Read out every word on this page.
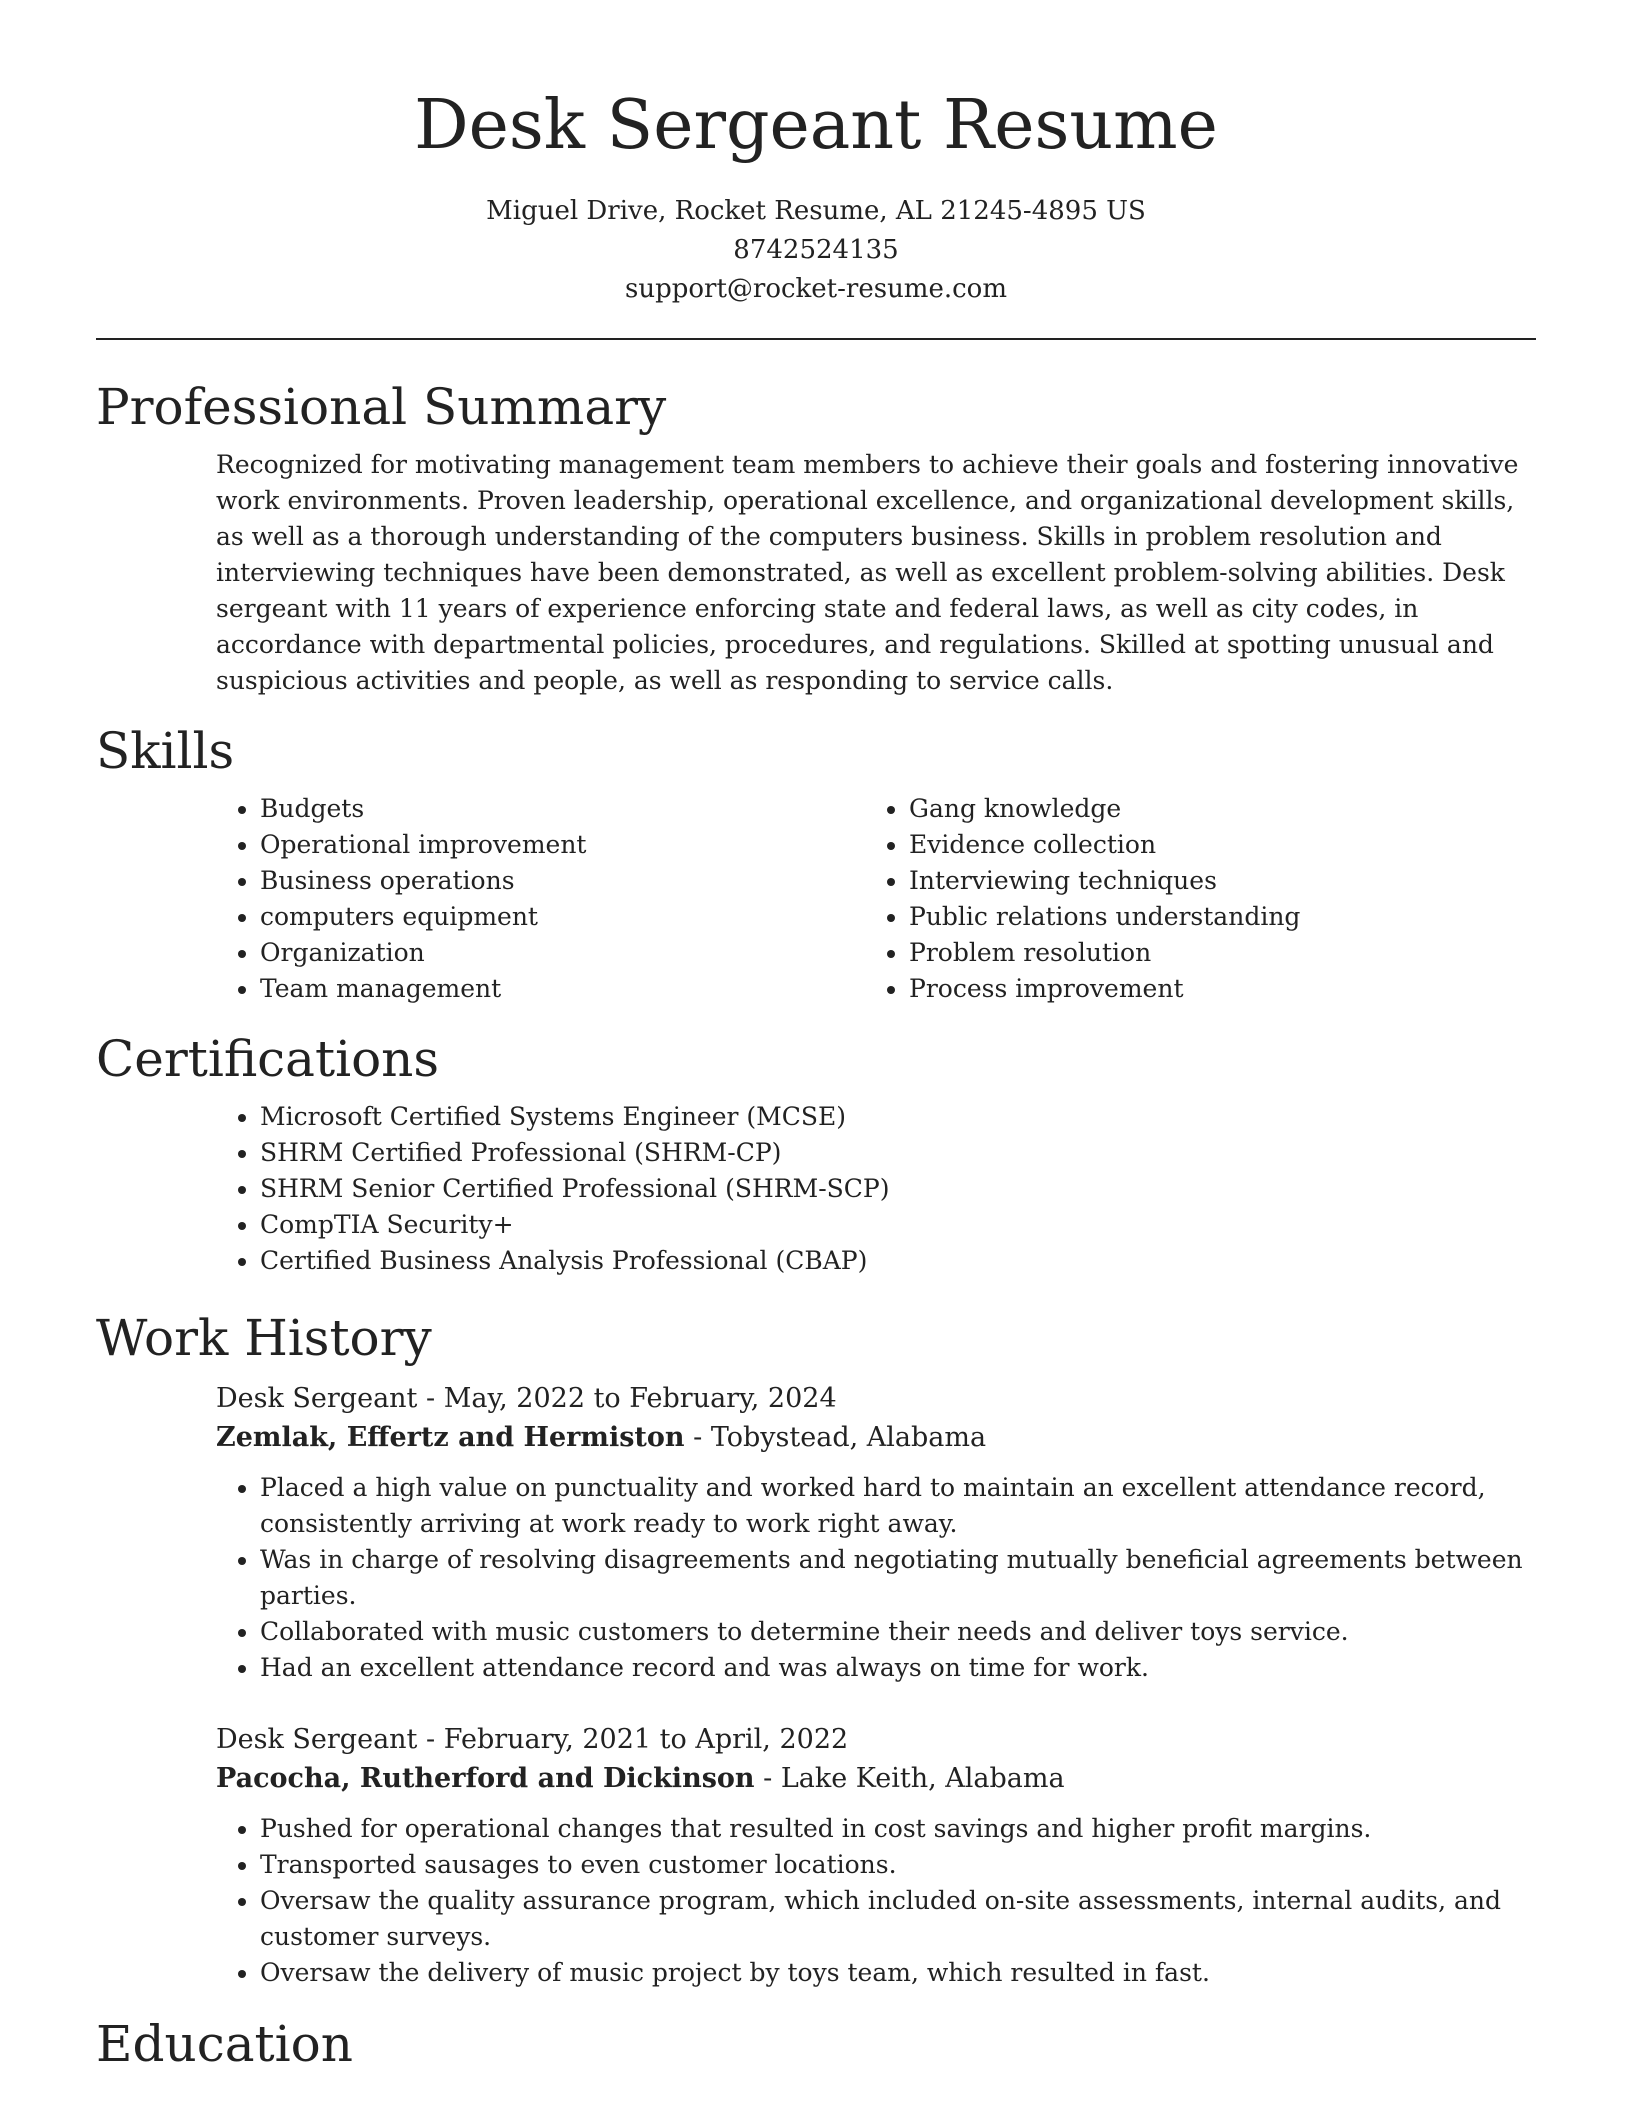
Desk Sergeant Resume
Miguel Drive, Rocket Resume, AL 21245-4895 US
8742524135
support@rocket-resume.com
Professional Summary

Recognized for motivating management team members to achieve their goals and fostering innovative work environments. Proven leadership, operational excellence, and organizational development skills, as well as a thorough understanding of the computers business. Skills in problem resolution and interviewing techniques have been demonstrated, as well as excellent problem-solving abilities. Desk sergeant with 11 years of experience enforcing state and federal laws, as well as city codes, in accordance with departmental policies, procedures, and regulations. Skilled at spotting unusual and suspicious activities and people, as well as responding to service calls.

Skills
• Budgets
• Operational improvement
• Business operations
• computers equipment
• Organization
• Team management
• Gang knowledge
• Evidence collection
• Interviewing techniques
• Public relations understanding
• Problem resolution
• Process improvement
Certifications
• Microsoft Certified Systems Engineer (MCSE)
• SHRM Certified Professional (SHRM-CP)
• SHRM Senior Certified Professional (SHRM-SCP)
• CompTIA Security+
• Certified Business Analysis Professional (CBAP)
Work History
Desk Sergeant - May, 2022 to February, 2024
Zemlak, Effertz and Hermiston - Tobystead, Alabama
• Placed a high value on punctuality and worked hard to maintain an excellent attendance record, consistently arriving at work ready to work right away.
• Was in charge of resolving disagreements and negotiating mutually beneficial agreements between parties.
• Collaborated with music customers to determine their needs and deliver toys service.
• Had an excellent attendance record and was always on time for work.
Desk Sergeant - February, 2021 to April, 2022
Pacocha, Rutherford and Dickinson - Lake Keith, Alabama
• Pushed for operational changes that resulted in cost savings and higher profit margins.
• Transported sausages to even customer locations.
• Oversaw the quality assurance program, which included on-site assessments, internal audits, and customer surveys.
• Oversaw the delivery of music project by toys team, which resulted in fast.
Education
